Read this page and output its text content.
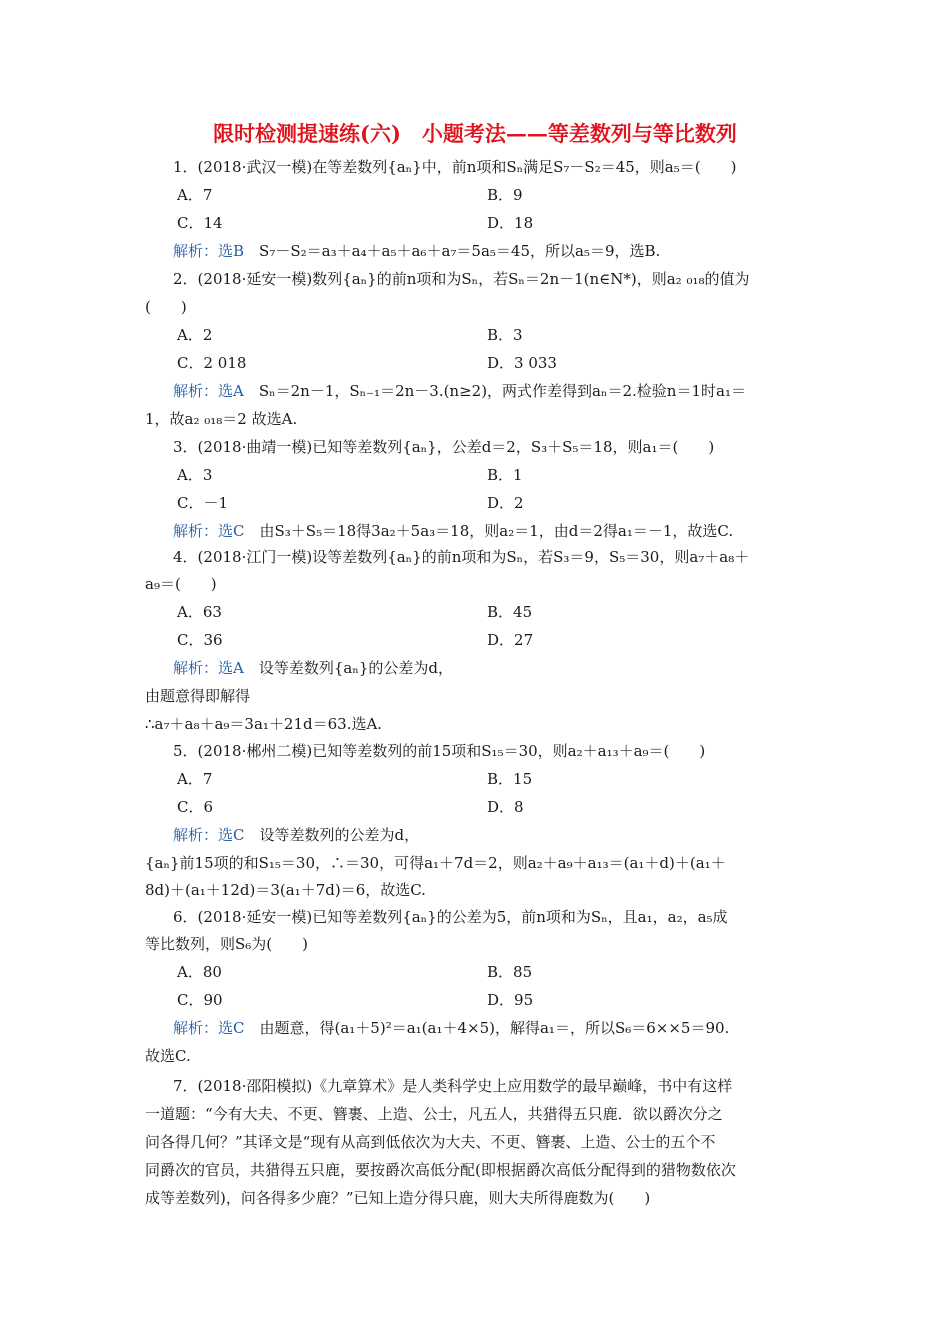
限时检测提速练(六)　小题考法——等差数列与等比数列
1．(2018·武汉一模)在等差数列{aₙ}中，前n项和Sₙ满足S₇－S₂＝45，则a₅＝(　　)
A．7	B．9
C．14	D．18
解析：选B　 S₇－S₂＝a₃＋a₄＋a₅＋a₆＋a₇＝5a₅＝45，所以a₅＝9，选B.
2．(2018·延安一模)数列{aₙ}的前n项和为Sₙ，若Sₙ＝2n－1(n∈N*)，则a₂ ₀₁₈的值为
(　　)
A．2	B．3
C．2 018	D．3 033
解析：选A　 Sₙ＝2n－1，Sₙ₋₁＝2n－3.(n≥2)，两式作差得到aₙ＝2.检验n＝1时a₁＝
1，故a₂ ₀₁₈＝2 故选A.
3．(2018·曲靖一模)已知等差数列{aₙ}，公差d＝2，S₃＋S₅＝18，则a₁＝(　　)
A．3	B．1
C．－1	D．2
解析：选C　 由S₃＋S₅＝18得3a₂＋5a₃＝18，则a₂＝1，由d＝2得a₁＝－1，故选C.
4．(2018·江门一模)设等差数列{aₙ}的前n项和为Sₙ，若S₃＝9，S₅＝30，则a₇＋a₈＋
a₉＝(　　)
A．63	B．45
C．36	D．27
解析：选A　 设等差数列{aₙ}的公差为d，
由题意得即解得
∴a₇＋a₈＋a₉＝3a₁＋21d＝63.选A.
5．(2018·郴州二模)已知等差数列的前15项和S₁₅＝30，则a₂＋a₁₃＋a₉＝(　　)
A．7	B．15
C．6	D．8
解析：选C　 设等差数列的公差为d，
{aₙ}前15项的和S₁₅＝30，∴＝30，可得a₁＋7d＝2，则a₂＋a₉＋a₁₃＝(a₁＋d)＋(a₁＋
8d)＋(a₁＋12d)＝3(a₁＋7d)＝6，故选C.
6．(2018·延安一模)已知等差数列{aₙ}的公差为5，前n项和为Sₙ，且a₁，a₂，a₅成
等比数列，则S₆为(　　)
A．80	B．85
C．90	D．95
解析：选C　 由题意，得(a₁＋5)²＝a₁(a₁＋4×5)，解得a₁＝，所以S₆＝6××5＝90.
故选C.
7．(2018·邵阳模拟)《九章算术》是人类科学史上应用数学的最早巅峰，书中有这样
一道题：“今有大夫、不更、簪裹、上造、公士，凡五人，共猎得五只鹿．欲以爵次分之
问各得几何？”其译文是“现有从高到低依次为大夫、不更、簪裹、上造、公士的五个不
同爵次的官员，共猎得五只鹿，要按爵次高低分配(即根据爵次高低分配得到的猎物数依次
成等差数列)，问各得多少鹿？”已知上造分得只鹿，则大夫所得鹿数为(　　)
